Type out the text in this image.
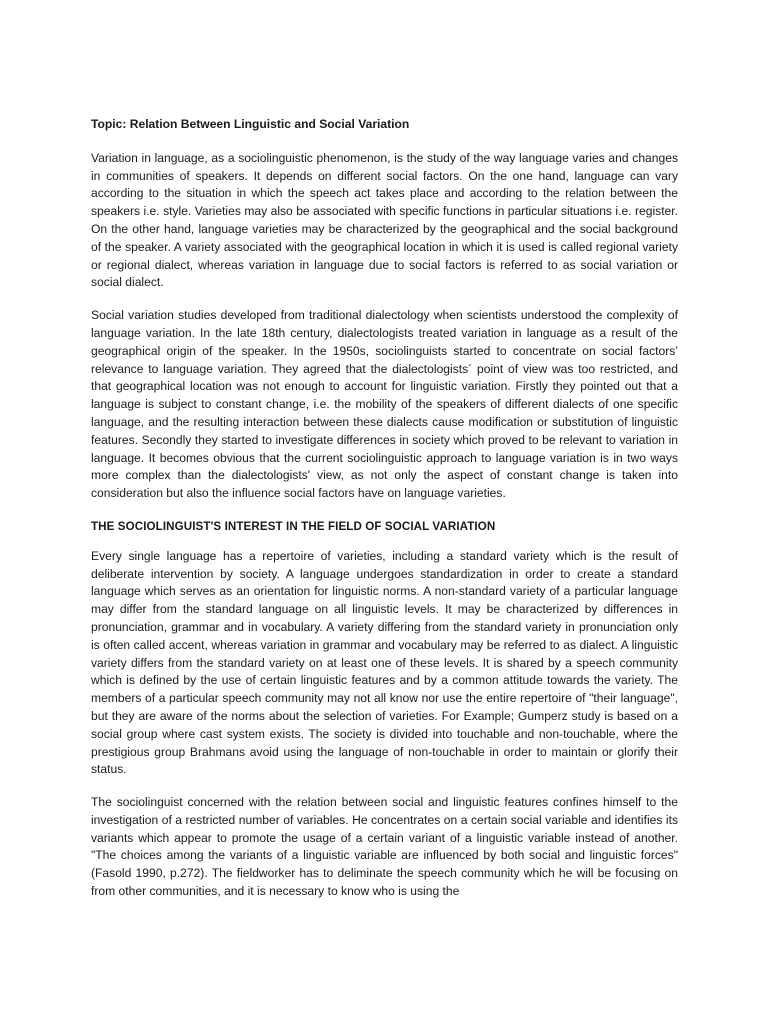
Topic: Relation Between Linguistic and Social Variation

Variation in language, as a sociolinguistic phenomenon, is the study of the way language varies and changes in communities of speakers. It depends on different social factors. On the one hand, language can vary according to the situation in which the speech act takes place and according to the relation between the speakers i.e. style. Varieties may also be associated with specific functions in particular situations i.e. register. On the other hand, language varieties may be characterized by the geographical and the social background of the speaker. A variety associated with the geographical location in which it is used is called regional variety or regional dialect, whereas variation in language due to social factors is referred to as social variation or social dialect.

Social variation studies developed from traditional dialectology when scientists understood the complexity of language variation. In the late 18th century, dialectologists treated variation in language as a result of the geographical origin of the speaker. In the 1950s, sociolinguists started to concentrate on social factors’ relevance to language variation. They agreed that the dialectologists´ point of view was too restricted, and that geographical location was not enough to account for linguistic variation. Firstly they pointed out that a language is subject to constant change, i.e. the mobility of the speakers of different dialects of one specific language, and the resulting interaction between these dialects cause modification or substitution of linguistic features. Secondly they started to investigate differences in society which proved to be relevant to variation in language. It becomes obvious that the current sociolinguistic approach to language variation is in two ways more complex than the dialectologists' view, as not only the aspect of constant change is taken into consideration but also the influence social factors have on language varieties.

THE SOCIOLINGUIST'S INTEREST IN THE FIELD OF SOCIAL VARIATION

Every single language has a repertoire of varieties, including a standard variety which is the result of deliberate intervention by society. A language undergoes standardization in order to create a standard language which serves as an orientation for linguistic norms. A non-standard variety of a particular language may differ from the standard language on all linguistic levels. It may be characterized by differences in pronunciation, grammar and in vocabulary. A variety differing from the standard variety in pronunciation only is often called accent, whereas variation in grammar and vocabulary may be referred to as dialect. A linguistic variety differs from the standard variety on at least one of these levels. It is shared by a speech community which is defined by the use of certain linguistic features and by a common attitude towards the variety. The members of a particular speech community may not all know nor use the entire repertoire of "their language", but they are aware of the norms about the selection of varieties. For Example; Gumperz study is based on a social group where cast system exists. The society is divided into touchable and non-touchable, where the prestigious group Brahmans avoid using the language of non-touchable in order to maintain or glorify their status.

The sociolinguist concerned with the relation between social and linguistic features confines himself to the investigation of a restricted number of variables. He concentrates on a certain social variable and identifies its variants which appear to promote the usage of a certain variant of a linguistic variable instead of another. "The choices among the variants of a linguistic variable are influenced by both social and linguistic forces" (Fasold 1990, p.272). The fieldworker has to deliminate the speech community which he will be focusing on from other communities, and it is necessary to know who is using the
